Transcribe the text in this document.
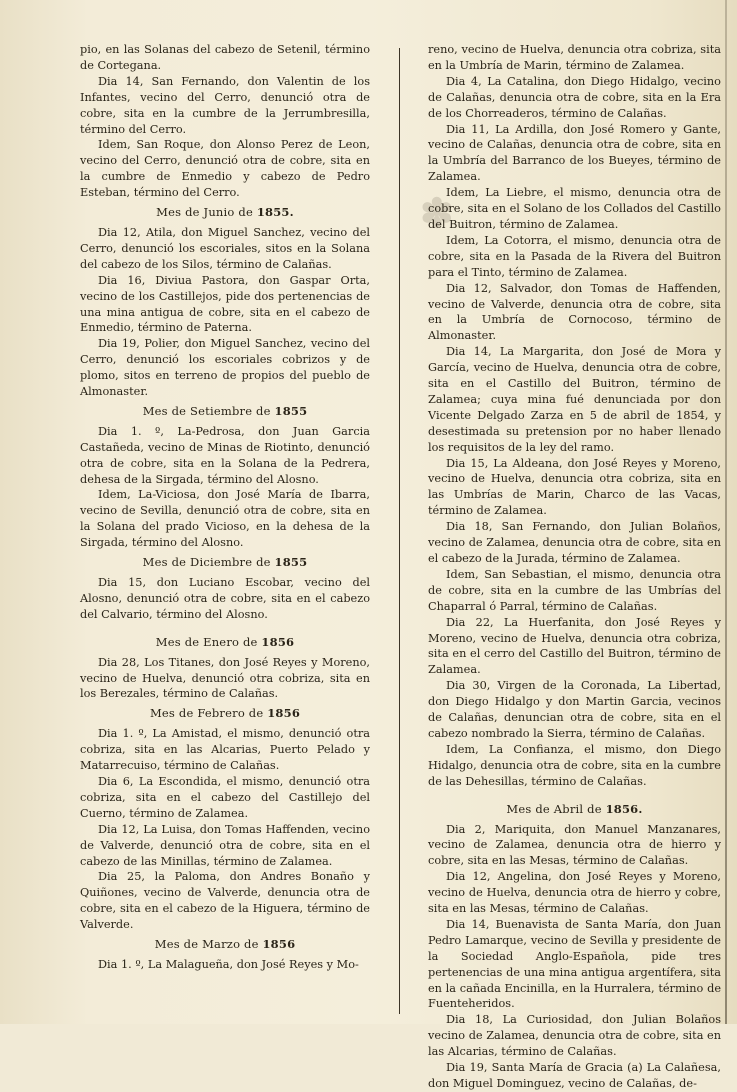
✽

pio, en las Solanas del cabezo de Setenil, término de Cortegana.

Dia 14, San Fernando, don Valentin de los Infantes, vecino del Cerro, denunció otra de cobre, sita en la cumbre de la Jerrumbresilla, término del Cerro.

Idem, San Roque, don Alonso Perez de Leon, vecino del Cerro, denunció otra de cobre, sita en la cumbre de Enmedio y cabezo de Pedro Esteban, término del Cerro.

Mes de Junio de 1855.

Dia 12, Atila, don Miguel Sanchez, vecino del Cerro, denunció los escoriales, sitos en la Solana del cabezo de los Silos, término de Calañas.

Dia 16, Diviua Pastora, don Gaspar Orta, vecino de los Castillejos, pide dos pertenencias de una mina antigua de cobre, sita en el cabezo de Enmedio, término de Paterna.

Dia 19, Polier, don Miguel Sanchez, vecino del Cerro, denunció los escoriales cobrizos y de plomo, sitos en terreno de propios del pueblo de Almonaster.

Mes de Setiembre de 1855

Dia 1. º, La-Pedrosa, don Juan Garcia Castañeda, vecino de Minas de Riotinto, denunció otra de cobre, sita en la Solana de la Pedrera, dehesa de la Sirgada, término del Alosno.

Idem, La-Viciosa, don José María de Ibarra, vecino de Sevilla, denunció otra de cobre, sita en la Solana del prado Vicioso, en la dehesa de la Sirgada, término del Alosno.

Mes de Diciembre de 1855

Dia 15, don Luciano Escobar, vecino del Alosno, denunció otra de cobre, sita en el cabezo del Calvario, término del Alosno.

Mes de Enero de 1856

Dia 28, Los Titanes, don José Reyes y Moreno, vecino de Huelva, denunció otra cobriza, sita en los Berezales, término de Calañas.

Mes de Febrero de 1856

Dia 1. º, La Amistad, el mismo, denunció otra cobriza, sita en las Alcarias, Puerto Pelado y Matarrecuiso, término de Calañas.

Dia 6, La Escondida, el mismo, denunció otra cobriza, sita en el cabezo del Castillejo del Cuerno, término de Zalamea.

Dia 12, La Luisa, don Tomas Haffenden, vecino de Valverde, denunció otra de cobre, sita en el cabezo de las Minillas, término de Zalamea.

Dia 25, la Paloma, don Andres Bonaño y Quiñones, vecino de Valverde, denuncia otra de cobre, sita en el cabezo de la Higuera, término de Valverde.

Mes de Marzo de 1856

Dia 1. º, La Malagueña, don José Reyes y Mo-

reno, vecino de Huelva, denuncia otra cobriza, sita en la Umbría de Marin, término de Zalamea.

Dia 4, La Catalina, don Diego Hidalgo, vecino de Calañas, denuncia otra de cobre, sita en la Era de los Chorreaderos, término de Calañas.

Dia 11, La Ardilla, don José Romero y Gante, vecino de Calañas, denuncia otra de cobre, sita en la Umbría del Barranco de los Bueyes, término de Zalamea.

Idem, La Liebre, el mismo, denuncia otra de cobre, sita en el Solano de los Collados del Castillo del Buitron, término de Zalamea.

Idem, La Cotorra, el mismo, denuncia otra de cobre, sita en la Pasada de la Rivera del Buitron para el Tinto, término de Zalamea.

Dia 12, Salvador, don Tomas de Haffenden, vecino de Valverde, denuncia otra de cobre, sita en la Umbría de Cornocoso, término de Almonaster.

Dia 14, La Margarita, don José de Mora y García, vecino de Huelva, denuncia otra de cobre, sita en el Castillo del Buitron, término de Zalamea; cuya mina fué denunciada por don Vicente Delgado Zarza en 5 de abril de 1854, y desestimada su pretension por no haber llenado los requisitos de la ley del ramo.

Dia 15, La Aldeana, don José Reyes y Moreno, vecino de Huelva, denuncia otra cobriza, sita en las Umbrías de Marin, Charco de las Vacas, término de Zalamea.

Dia 18, San Fernando, don Julian Bolaños, vecino de Zalamea, denuncia otra de cobre, sita en el cabezo de la Jurada, término de Zalamea.

Idem, San Sebastian, el mismo, denuncia otra de cobre, sita en la cumbre de las Umbrías del Chaparral ó Parral, término de Calañas.

Dia 22, La Huerfanita, don José Reyes y Moreno, vecino de Huelva, denuncia otra cobriza, sita en el cerro del Castillo del Buitron, término de Zalamea.

Dia 30, Virgen de la Coronada, La Libertad, don Diego Hidalgo y don Martin Garcia, vecinos de Calañas, denuncian otra de cobre, sita en el cabezo nombrado la Sierra, término de Calañas.

Idem, La Confianza, el mismo, don Diego Hidalgo, denuncia otra de cobre, sita en la cumbre de las Dehesillas, término de Calañas.

Mes de Abril de 1856.

Dia 2, Mariquita, don Manuel Manzanares, vecino de Zalamea, denuncia otra de hierro y cobre, sita en las Mesas, término de Calañas.

Dia 12, Angelina, don José Reyes y Moreno, vecino de Huelva, denuncia otra de hierro y cobre, sita en las Mesas, término de Calañas.

Dia 14, Buenavista de Santa María, don Juan Pedro Lamarque, vecino de Sevilla y presidente de la Sociedad Anglo-Española, pide tres pertenencias de una mina antigua argentífera, sita en la cañada Encinilla, en la Hurralera, término de Fuenteheridos.

Dia 18, La Curiosidad, don Julian Bolaños vecino de Zalamea, denuncia otra de cobre, sita en las Alcarias, término de Calañas.

Dia 19, Santa María de Gracia (a) La Calañesa, don Miguel Dominguez, vecino de Calañas, de-
